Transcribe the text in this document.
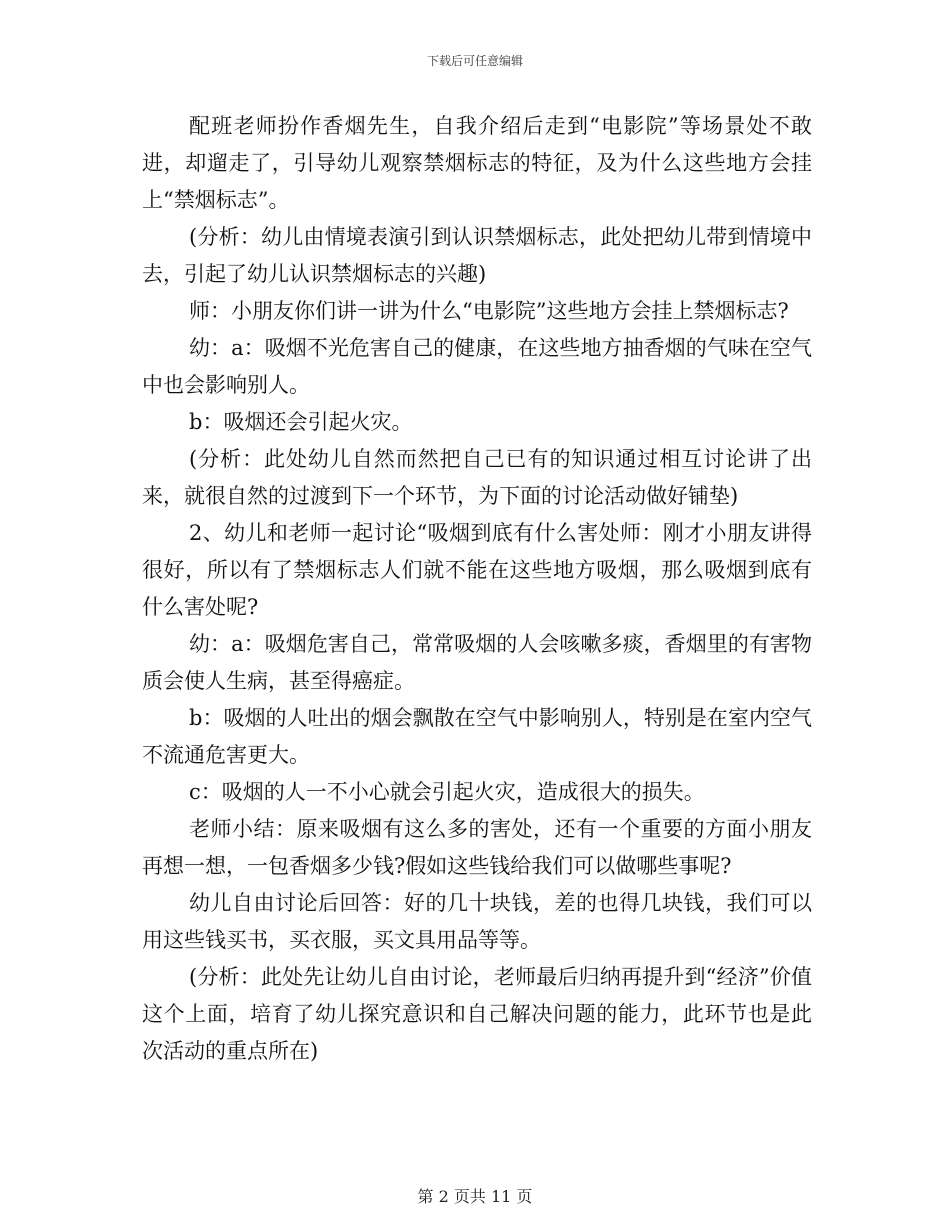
下载后可任意编辑

配班老师扮作香烟先生，自我介绍后走到“电影院”等场景处不敢进，却遛走了，引导幼儿观察禁烟标志的特征，及为什么这些地方会挂上“禁烟标志”。

(分析：幼儿由情境表演引到认识禁烟标志，此处把幼儿带到情境中去，引起了幼儿认识禁烟标志的兴趣)

师：小朋友你们讲一讲为什么“电影院”这些地方会挂上禁烟标志?

幼：a：吸烟不光危害自己的健康，在这些地方抽香烟的气味在空气中也会影响别人。

b：吸烟还会引起火灾。

(分析：此处幼儿自然而然把自己已有的知识通过相互讨论讲了出来，就很自然的过渡到下一个环节，为下面的讨论活动做好铺垫)

2、幼儿和老师一起讨论“吸烟到底有什么害处师：刚才小朋友讲得很好，所以有了禁烟标志人们就不能在这些地方吸烟，那么吸烟到底有什么害处呢?

幼：a：吸烟危害自己，常常吸烟的人会咳嗽多痰，香烟里的有害物质会使人生病，甚至得癌症。

b：吸烟的人吐出的烟会飘散在空气中影响别人，特别是在室内空气不流通危害更大。

c：吸烟的人一不小心就会引起火灾，造成很大的损失。

老师小结：原来吸烟有这么多的害处，还有一个重要的方面小朋友再想一想，一包香烟多少钱?假如这些钱给我们可以做哪些事呢?

幼儿自由讨论后回答：好的几十块钱，差的也得几块钱，我们可以用这些钱买书，买衣服，买文具用品等等。

(分析：此处先让幼儿自由讨论，老师最后归纳再提升到“经济”价值这个上面，培育了幼儿探究意识和自己解决问题的能力，此环节也是此次活动的重点所在)

第 2 页共 11 页
